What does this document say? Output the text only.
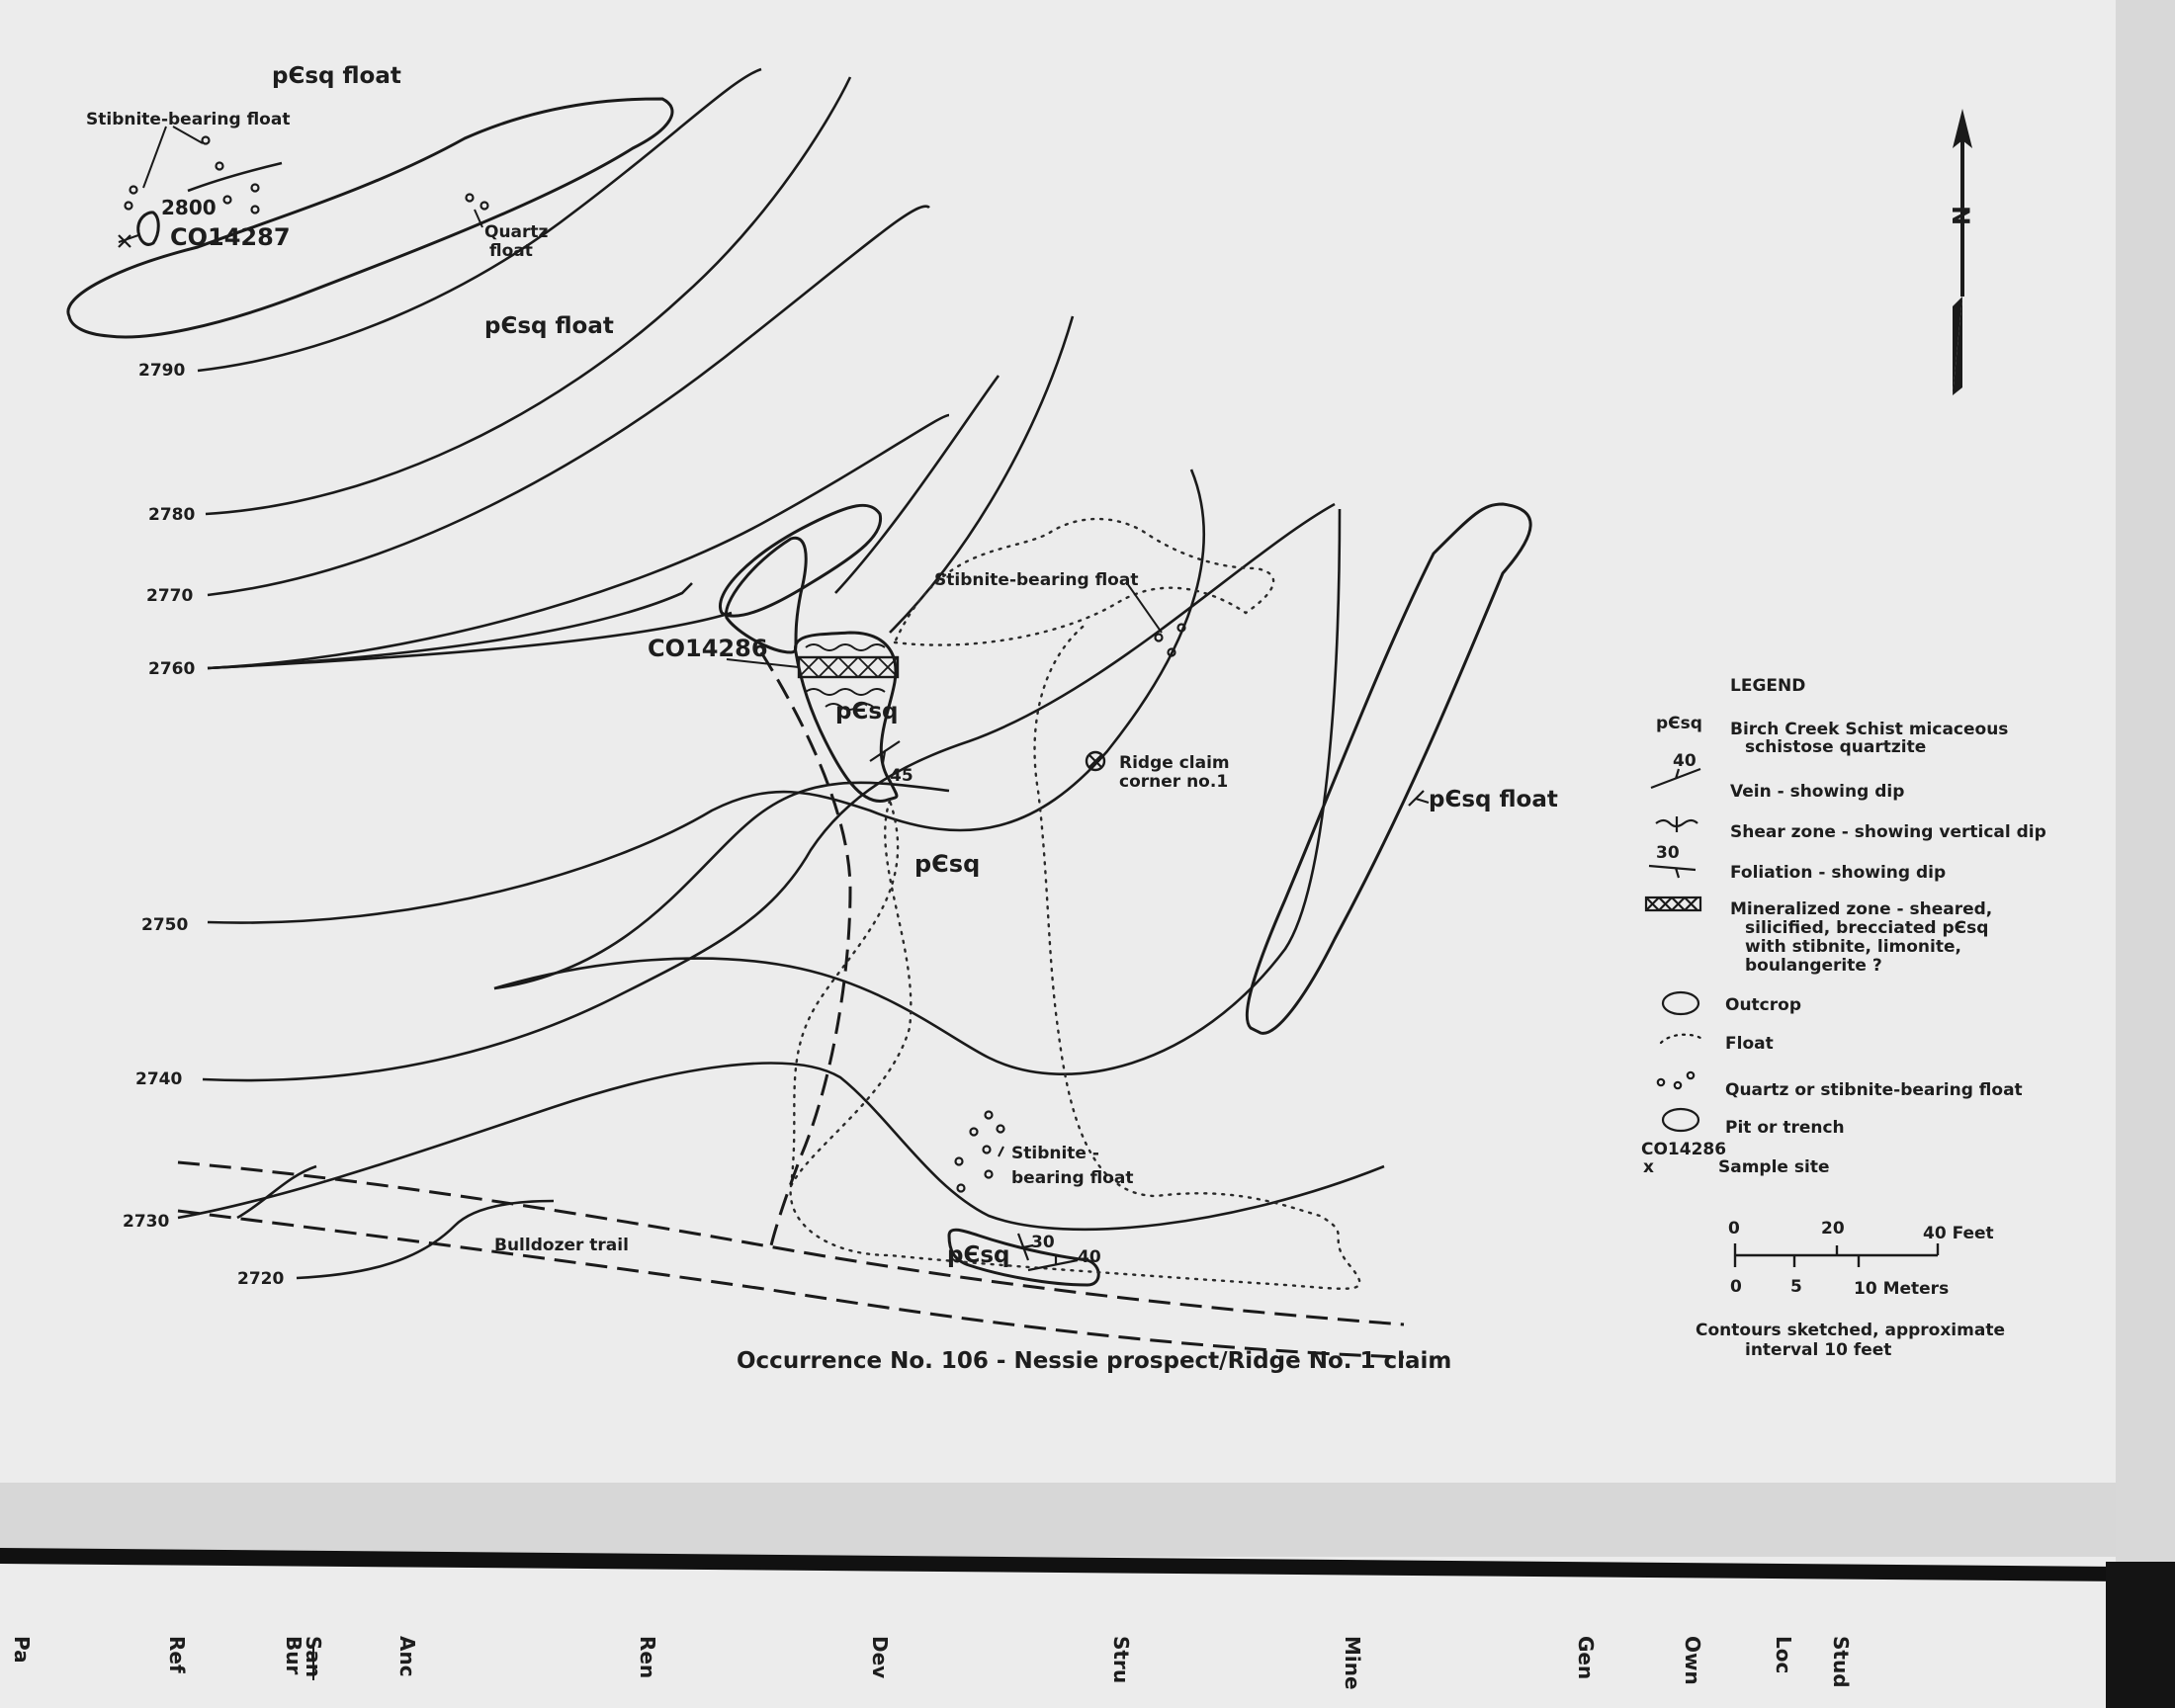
N
pЄsq float
Stibnite-bearing float
2800
CO14287	Quartz
float
pЄsq float
2790
2780
2770
2760
Stibnite-bearing float
CO14286
pЄsq
45
Ridge claim
corner no.1
pЄsq float
pЄsq
2750
2740
Stibnite -
bearing float
2730
Bulldozer trail
2720
pЄsq 30
40
Occurrence No. 106 - Nessie prospect/Ridge No. 1 claim
LEGEND
pЄsq Birch Creek Schist micaceous
schistose quartzite
40
Vein - showing dip
Shear zone - showing vertical dip
30
Foliation - showing dip
Mineralized zone - sheared,
silicified, brecciated pЄsq
with stibnite, limonite,
boulangerite ?
Outcrop
Float
Quartz or stibnite-bearing float
Pit or trench
CO14286
x	Sample site
0	20	40 Feet
0	5	10 Meters
Contours sketched, approximate
interval 10 feet
Pa	Ref	San
Bur	Anc	Ren	Dev	Stru	Mine	Gen	Own	Loc Stud
